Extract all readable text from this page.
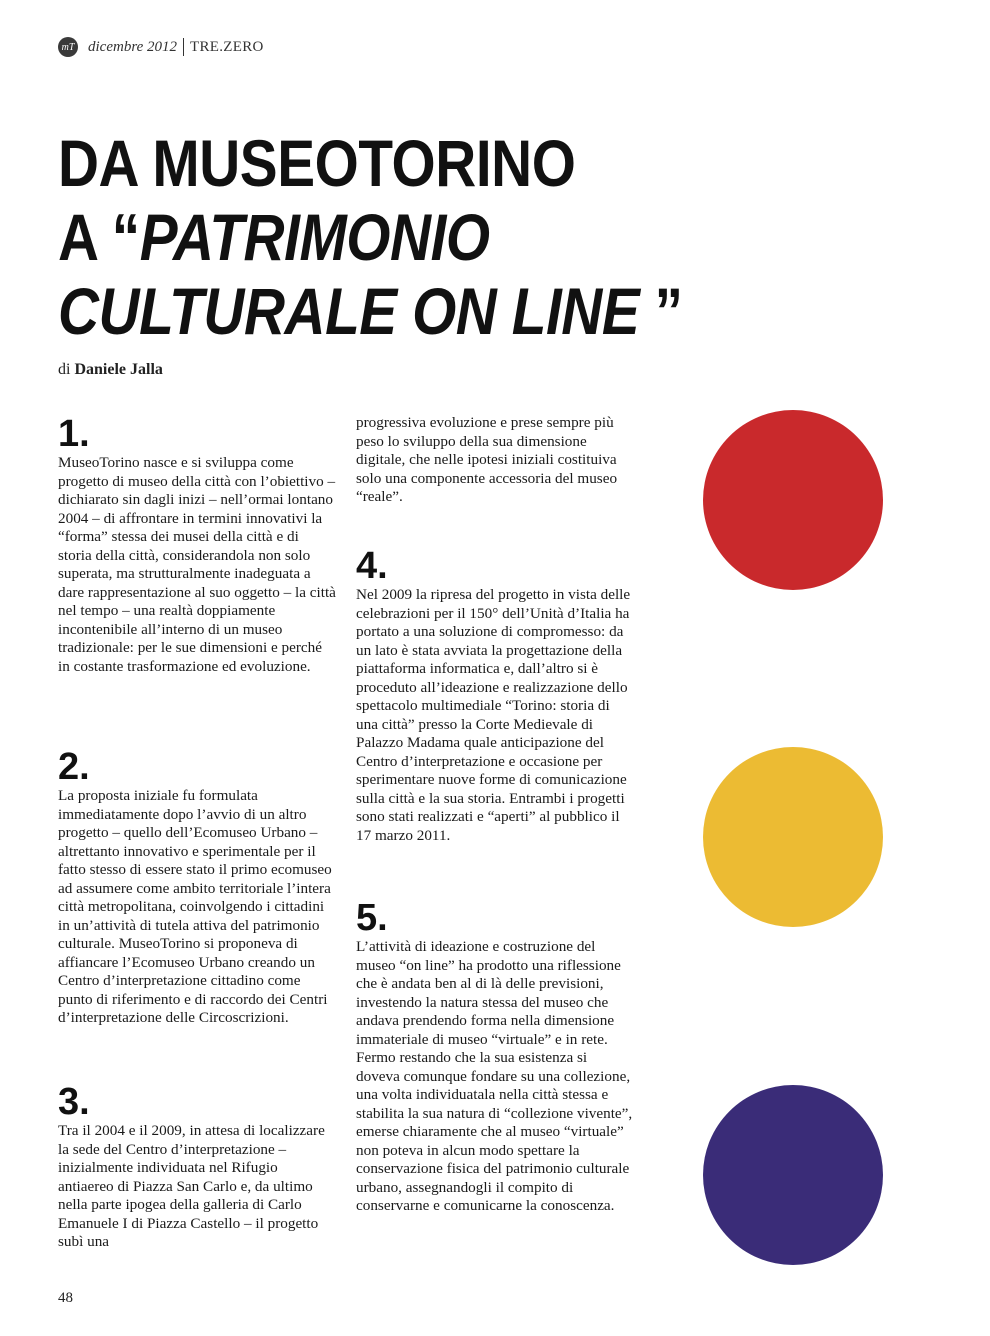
mT dicembre 2012 TRE.ZERO
DA MUSEOTORINO
A “PATRIMONIO
CULTURALE ON LINE ”
di Daniele Jalla

1.

MuseoTorino nasce e si sviluppa come progetto di museo della città con l’obiettivo – dichiarato sin dagli inizi – nell’ormai lontano 2004 – di affrontare in termini innovativi la “forma” stessa dei musei della città e di storia della città, considerandola non solo superata, ma strutturalmente inadeguata a dare rappresentazione al suo oggetto – la città nel tempo – una realtà doppiamente incontenibile all’interno di un museo tradizionale: per le sue dimensioni e perché in costante trasformazione ed evoluzione.

2.

La proposta iniziale fu formulata immediatamente dopo l’avvio di un altro progetto – quello dell’Ecomuseo Urbano – altrettanto innovativo e sperimentale per il fatto stesso di essere stato il primo ecomuseo ad assumere come ambito territoriale l’intera città metropolitana, coinvolgendo i cittadini in un’attività di tutela attiva del patrimonio culturale. MuseoTorino si proponeva di affiancare l’Ecomuseo Urbano creando un Centro d’interpretazione cittadino come punto di riferimento e di raccordo dei Centri d’interpretazione delle Circoscrizioni.

3.

Tra il 2004 e il 2009, in attesa di localizzare la sede del Centro d’interpretazione – inizialmente individuata nel Rifugio antiaereo di Piazza San Carlo e, da ultimo nella parte ipogea della galleria di Carlo Emanuele I di Piazza Castello – il progetto subì una

progressiva evoluzione e prese sempre più peso lo sviluppo della sua dimensione digitale, che nelle ipotesi iniziali costituiva solo una componente accessoria del museo “reale”.

4.

Nel 2009 la ripresa del progetto in vista delle celebrazioni per il 150° dell’Unità d’Italia ha portato a una soluzione di compromesso: da un lato è stata avviata la progettazione della piattaforma informatica e, dall’altro si è proceduto all’ideazione e realizzazione dello spettacolo multimediale “Torino: storia di una città” presso la Corte Medievale di Palazzo Madama quale anticipazione del Centro d’interpretazione e occasione per sperimentare nuove forme di comunicazione sulla città e la sua storia. Entrambi i progetti sono stati realizzati e “aperti” al pubblico il 17 marzo 2011.

5.

L’attività di ideazione e costruzione del museo “on line” ha prodotto una riflessione che è andata ben al di là delle previsioni, investendo la natura stessa del museo che andava prendendo forma nella dimensione immateriale di museo “virtuale” e in rete. Fermo restando che la sua esistenza si doveva comunque fondare su una collezione, una volta individuatala nella città stessa e stabilita la sua natura di “collezione vivente”, emerse chiaramente che al museo “virtuale” non poteva in alcun modo spettare la conservazione fisica del patrimonio culturale urbano, assegnandogli il compito di conservarne e comunicarne la conoscenza.

48
